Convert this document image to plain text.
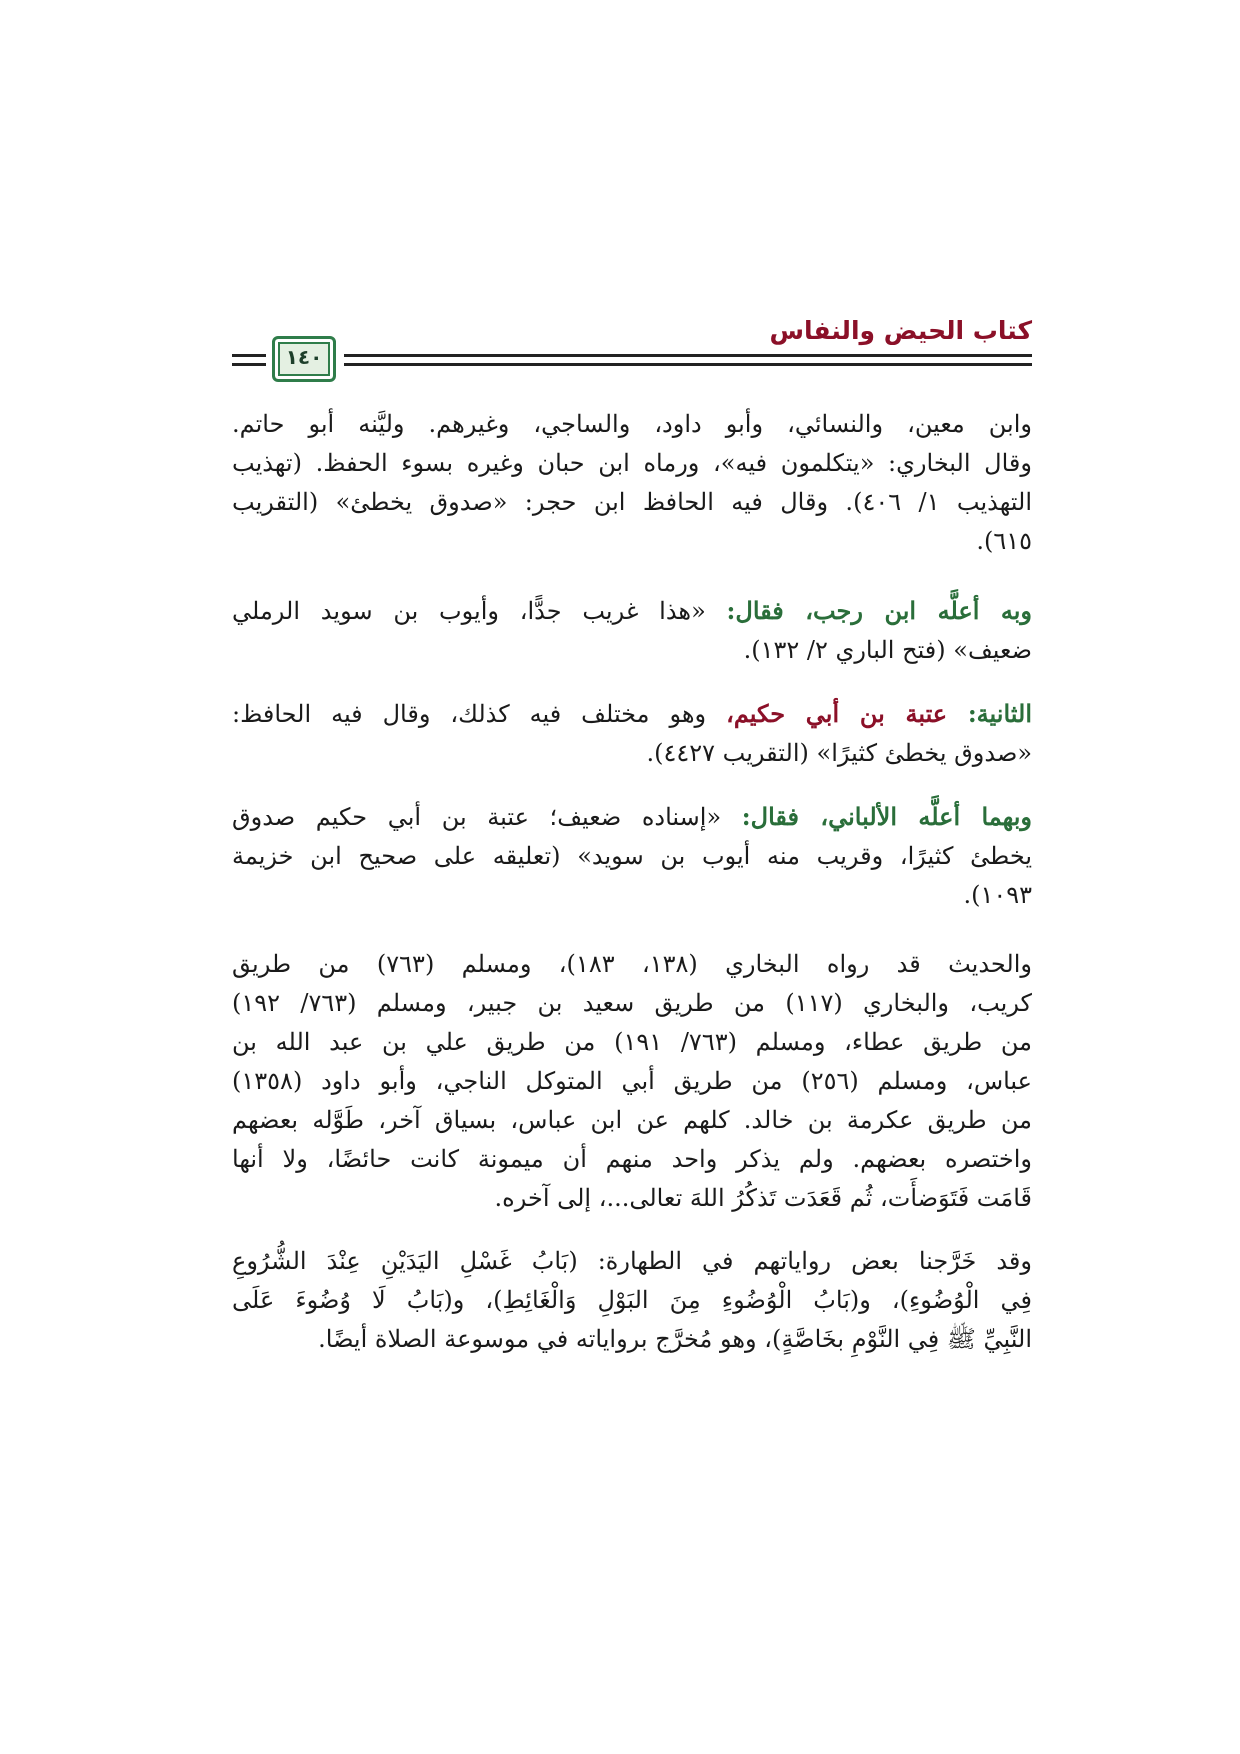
كتاب الحيض والنفاس
١٤٠
وابن معين، والنسائي، وأبو داود، والساجي، وغيرهم. وليَّنه أبو حاتم.
وقال البخاري: «يتكلمون فيه»، ورماه ابن حبان وغيره بسوء الحفظ. (تهذيب
التهذيب ١/ ٤٠٦). وقال فيه الحافظ ابن حجر: «صدوق يخطئ» (التقريب
٦١٥).
وبه أعلَّه ابن رجب، فقال: «هذا غريب جدًّا، وأيوب بن سويد الرملي
ضعيف» (فتح الباري ٢/ ١٣٢).
الثانية: عتبة بن أبي حكيم، وهو مختلف فيه كذلك، وقال فيه الحافظ:
«صدوق يخطئ كثيرًا» (التقريب ٤٤٢٧).
وبهما أعلَّه الألباني، فقال: «إسناده ضعيف؛ عتبة بن أبي حكيم صدوق
يخطئ كثيرًا، وقريب منه أيوب بن سويد» (تعليقه على صحيح ابن خزيمة
١٠٩٣).
والحديث قد رواه البخاري (١٣٨، ١٨٣)، ومسلم (٧٦٣) من طريق
كريب، والبخاري (١١٧) من طريق سعيد بن جبير، ومسلم (٧٦٣/ ١٩٢)
من طريق عطاء، ومسلم (٧٦٣/ ١٩١) من طريق علي بن عبد الله بن
عباس، ومسلم (٢٥٦) من طريق أبي المتوكل الناجي، وأبو داود (١٣٥٨)
من طريق عكرمة بن خالد. كلهم عن ابن عباس، بسياق آخر، طَوَّله بعضهم
واختصره بعضهم. ولم يذكر واحد منهم أن ميمونة كانت حائضًا، ولا أنها
قَامَت فَتَوَضأَت، ثُم قَعَدَت تَذكُرُ اللهَ تعالى...، إلى آخره.
وقد خَرَّجنا بعض رواياتهم في الطهارة: (بَابُ غَسْلِ اليَدَيْنِ عِنْدَ الشُّرُوعِ
فِي الْوُضُوءِ)، و(بَابُ الْوُضُوءِ مِنَ البَوْلِ وَالْغَائِطِ)، و(بَابُ لَا وُضُوءَ عَلَى
النَّبِيِّ ﷺ فِي النَّوْمِ بخَاصَّةٍ)، وهو مُخرَّج برواياته في موسوعة الصلاة أيضًا.
